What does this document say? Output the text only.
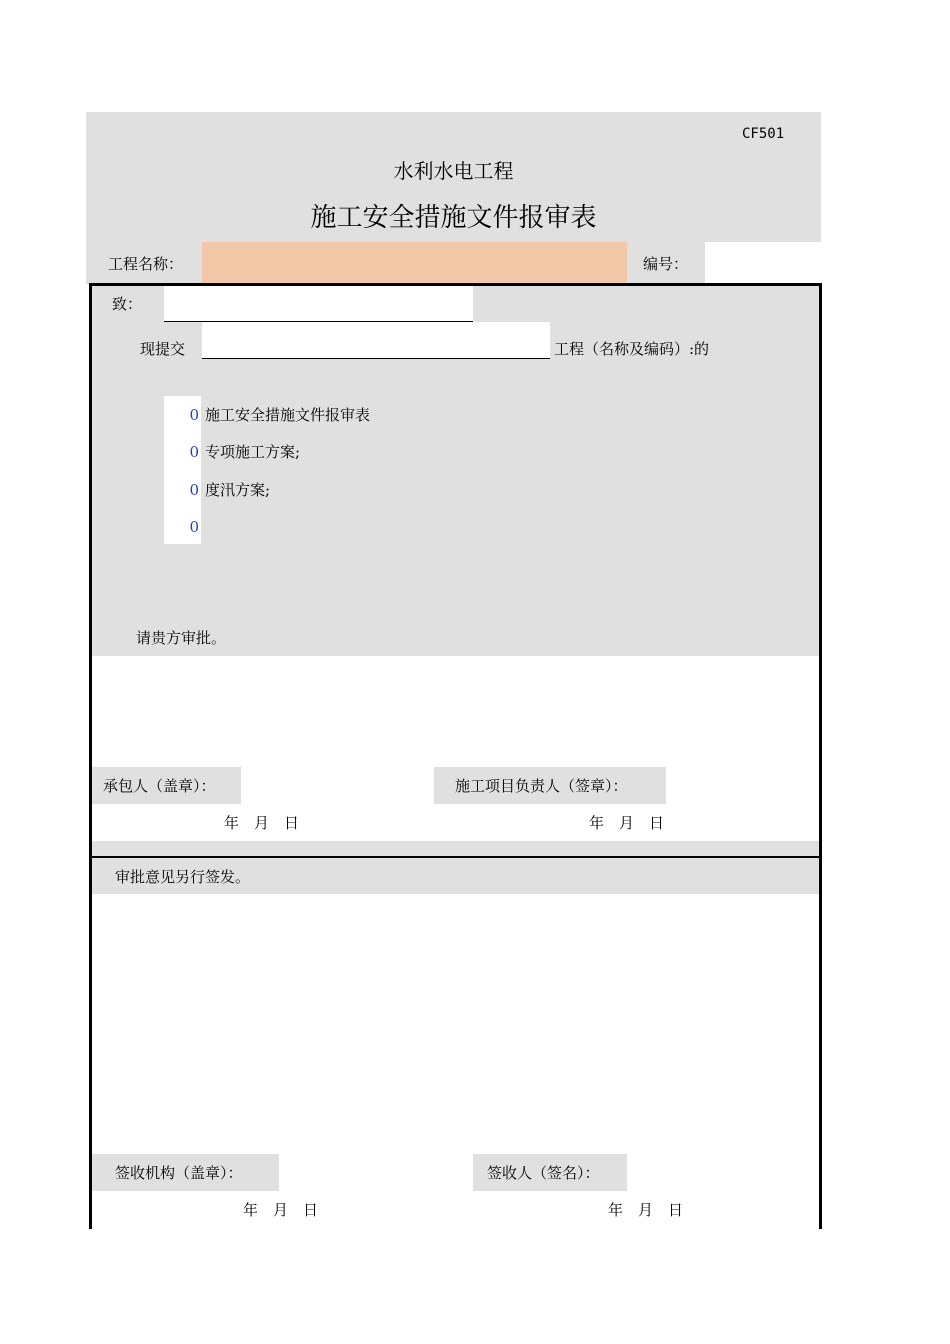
CF501
水利水电工程
施工安全措施文件报审表
工程名称：	编号：
致：
现提交	工程（名称及编码）:的
0 施工安全措施文件报审表
0 专项施工方案;
0 度汛方案;
0
请贵方审批。
承包人（盖章）：	施工项目负责人（签章）：
年　月　日	年　月　日
审批意见另行签发。
签收机构（盖章）：	签收人（签名）：
年　月　日	年　月　日
